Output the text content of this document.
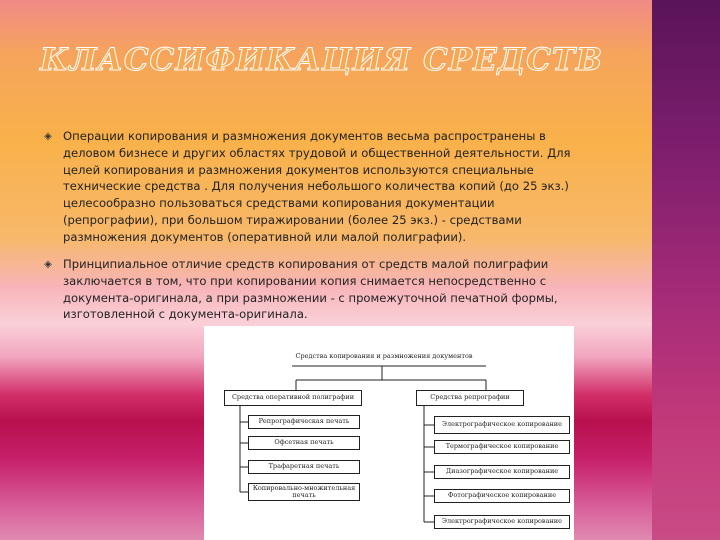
КЛАССИФИКАЦИЯ СРЕДСТВ
◈ Операции копирования и размножения документов весьма распространены в деловом бизнесе и других областях трудовой и общественной деятельности. Для целей копирования и размножения документов используются специальные технические средства . Для получения небольшого количества копий (до 25 экз.) целесообразно пользоваться средствами копирования документации (репрографии), при большом тиражировании (более 25 экз.) - средствами размножения документов (оперативной или малой полиграфии).

◈ Принципиальное отличие средств копирования от средств малой полиграфии заключается в том, что при копировании копия снимается непосредственно с документа-оригинала, а при размножении - с промежуточной печатной формы, изготовленной с документа-оригинала.

Средства копирования и размножения документов
Средства оперативной полиграфии	Средства репрографии
Репрографическая печать
Офсетная печать
Трафаретная печать
Копировально-множительная печать
Электрографическое копирование
Термографическое копирование
Диазографическое копирование
Фотографическое копирование
Электрографическое копирование
